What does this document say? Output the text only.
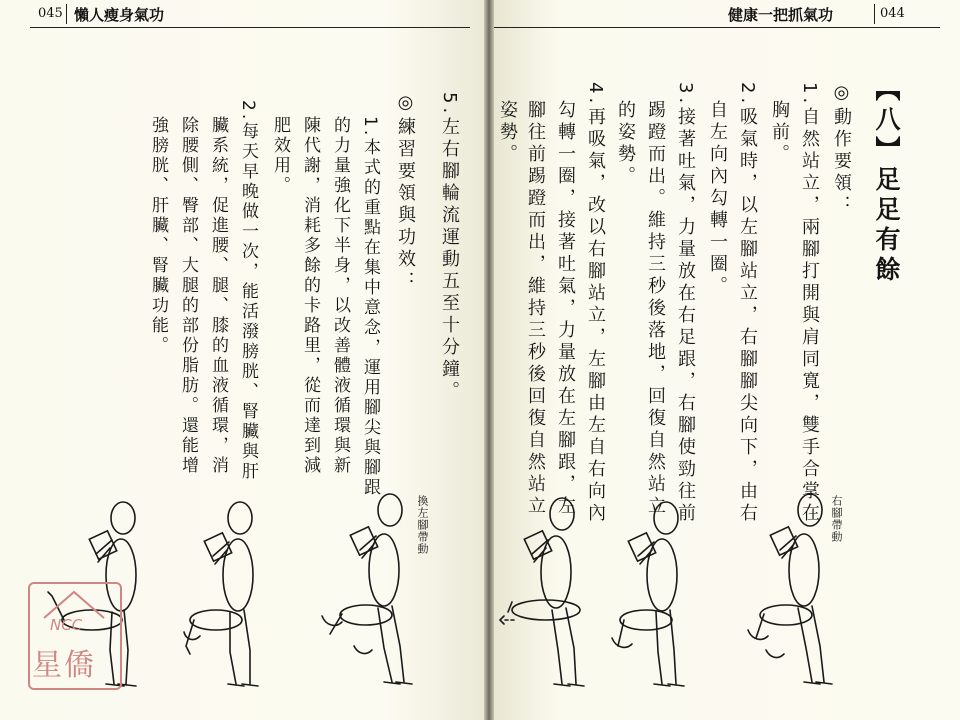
045 懶人瘦身氣功
5.左右腳輪流運動五至十分鐘。
◎練習要領與功效：
1.本式的重點在集中意念，運用腳尖與腳跟
的力量強化下半身，以改善體液循環與新
陳代謝，消耗多餘的卡路里，從而達到減
肥效用。
2.每天早晚做一次，能活潑膀胱、腎臟與肝
臟系統，促進腰、腿、膝的血液循環，消
除腰側、臀部、大腿的部份脂肪。還能增
強膀胱、肝臟、腎臟功能。
換左腳帶動
NCC
星僑
健康一把抓氣功	044
【八】足足有餘
◎動作要領：
1.自然站立，兩腳打開與肩同寬，雙手合掌在
胸前。
2.吸氣時，以左腳站立，右腳腳尖向下，由右
自左向內勾轉一圈。
3.接著吐氣，力量放在右足跟，右腳使勁往前
踢蹬而出。維持三秒後落地，回復自然站立
的姿勢。
4.再吸氣，改以右腳站立，左腳由左自右向內
勾轉一圈，接著吐氣，力量放在左腳跟，左
腳往前踢蹬而出，維持三秒後回復自然站立
姿勢。
右腳帶動
